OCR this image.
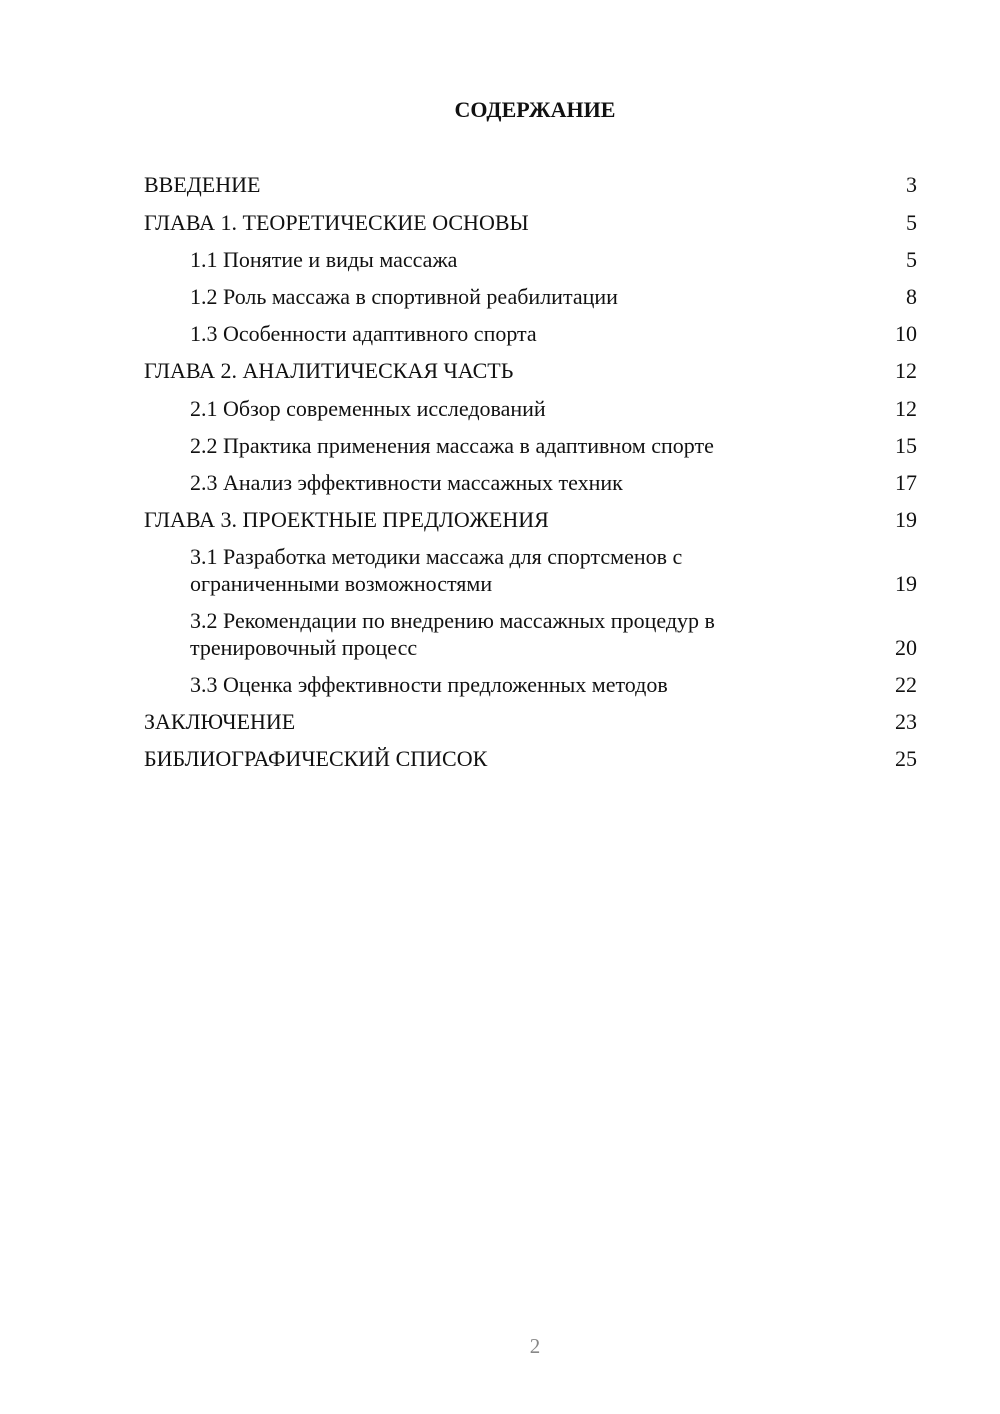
СОДЕРЖАНИЕ
ВВЕДЕНИЕ	3
ГЛАВА 1. ТЕОРЕТИЧЕСКИЕ ОСНОВЫ	5
1.1 Понятие и виды массажа	5
1.2 Роль массажа в спортивной реабилитации	8
1.3 Особенности адаптивного спорта	10
ГЛАВА 2. АНАЛИТИЧЕСКАЯ ЧАСТЬ	12
2.1 Обзор современных исследований	12
2.2 Практика применения массажа в адаптивном спорте	15
2.3 Анализ эффективности массажных техник	17
ГЛАВА 3. ПРОЕКТНЫЕ ПРЕДЛОЖЕНИЯ	19
3.1 Разработка методики массажа для спортсменов с ограниченными возможностями	19
3.2 Рекомендации по внедрению массажных процедур в тренировочный процесс	20
3.3 Оценка эффективности предложенных методов	22
ЗАКЛЮЧЕНИЕ	23
БИБЛИОГРАФИЧЕСКИЙ СПИСОК	25
2
